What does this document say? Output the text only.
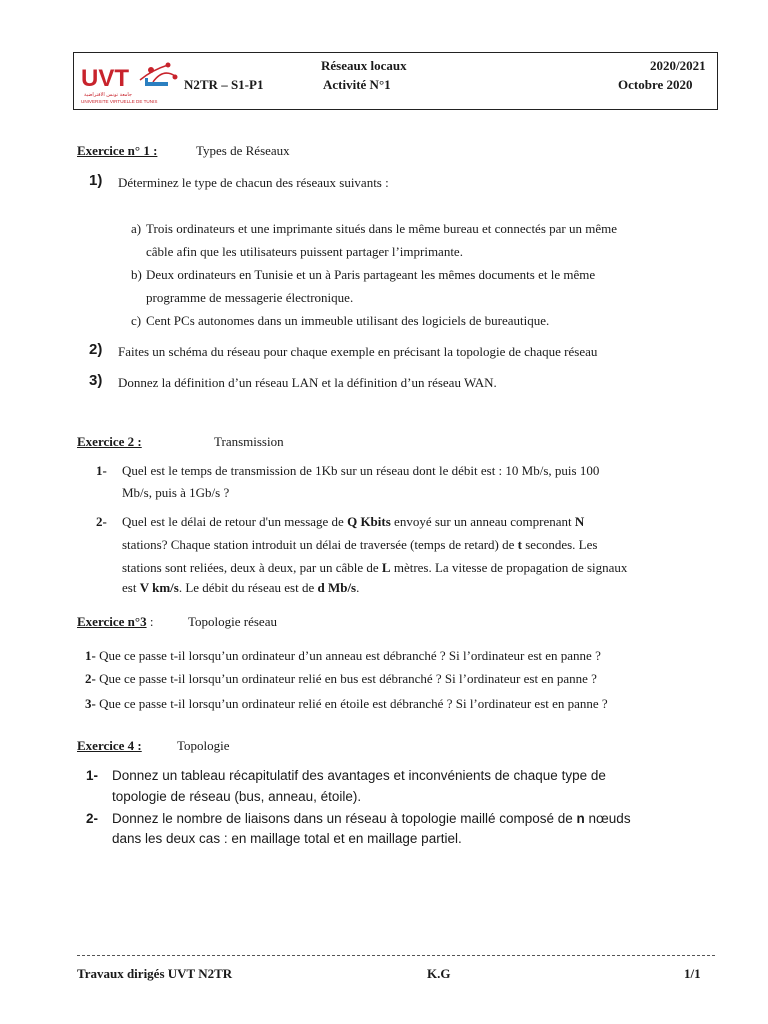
UVT
جامعة تونس الافتراضية
UNIVERSITE VIRTUELLE DE TUNIS
Réseaux locaux
Activité N°1
N2TR – S1-P1
2020/2021
Octobre 2020
Exercice n° 1 :	Types de Réseaux
1) Déterminez le type de chacun des réseaux suivants :
a) Trois ordinateurs et une imprimante situés dans le même bureau et connectés par un même
câble afin que les utilisateurs puissent partager l’imprimante.
b) Deux ordinateurs en Tunisie et un à Paris partageant les mêmes documents et le même
programme de messagerie électronique.
c) Cent PCs autonomes dans un immeuble utilisant des logiciels de bureautique.
2) Faites un schéma du réseau pour chaque exemple en précisant la topologie de chaque réseau
3) Donnez la définition d’un réseau LAN et la définition d’un réseau WAN.
Exercice 2 :	Transmission
1- Quel est le temps de transmission de 1Kb sur un réseau dont le débit est : 10 Mb/s, puis 100
Mb/s, puis à 1Gb/s ?
2- Quel est le délai de retour d'un message de Q Kbits envoyé sur un anneau comprenant N
stations? Chaque station introduit un délai de traversée (temps de retard) de t secondes. Les
stations sont reliées, deux à deux, par un câble de L mètres. La vitesse de propagation de signaux
est V km/s. Le débit du réseau est de d Mb/s.
Exercice n°3 :	Topologie réseau
1- Que ce passe t-il lorsqu’un ordinateur d’un anneau est débranché ? Si l’ordinateur est en panne ?
2- Que ce passe t-il lorsqu’un ordinateur relié en bus est débranché ? Si l’ordinateur est en panne ?
3- Que ce passe t-il lorsqu’un ordinateur relié en étoile est débranché ? Si l’ordinateur est en panne ?
Exercice 4 :	Topologie
1- Donnez un tableau récapitulatif des avantages et inconvénients de chaque type de
topologie de réseau (bus, anneau, étoile).
2- Donnez le nombre de liaisons dans un réseau à topologie maillé composé de n nœuds
dans les deux cas : en maillage total et en maillage partiel.
Travaux dirigés UVT N2TR	K.G	1/1
